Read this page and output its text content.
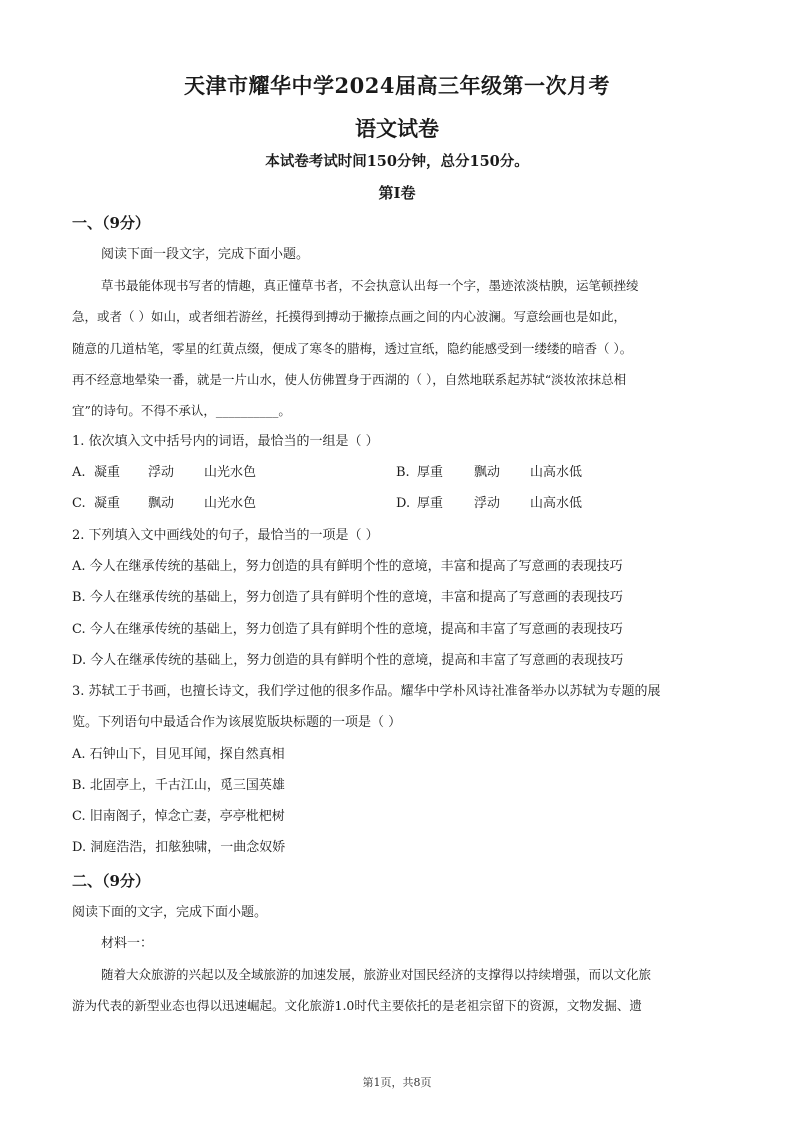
天津市耀华中学2024届高三年级第一次月考
语文试卷
本试卷考试时间150分钟，总分150分。
第Ⅰ卷
一、（9分）
阅读下面一段文字，完成下面小题。
草书最能体现书写者的情趣，真正懂草书者，不会执意认出每一个字，墨迹浓淡枯腴，运笔顿挫绫
急，或者（ ）如山，或者细若游丝，托摸得到搏动于撇捺点画之间的内心波澜。写意绘画也是如此，
随意的几道枯笔，零星的红黄点缀，便成了寒冬的腊梅，透过宣纸，隐约能感受到一缕缕的暗香（ ）。
再不经意地晕染一番，就是一片山水，使人仿佛置身于西湖的（ ），自然地联系起苏轼“淡妆浓抹总相
宜”的诗句。不得不承认，__________。
1. 依次填入文中括号内的词语，最恰当的一组是（ ）
A. 凝重 浮动 山光水色	B. 厚重 飘动 山高水低
C. 凝重 飘动 山光水色	D. 厚重 浮动 山高水低
2. 下列填入文中画线处的句子，最恰当的一项是（ ）
A. 今人在继承传统的基础上，努力创造的具有鲜明个性的意境，丰富和提高了写意画的表现技巧
B. 今人在继承传统的基础上，努力创造了具有鲜明个性的意境，丰富和提高了写意画的表现技巧
C. 今人在继承传统的基础上，努力创造了具有鲜明个性的意境，提高和丰富了写意画的表现技巧
D. 今人在继承传统的基础上，努力创造的具有鲜明个性的意境，提高和丰富了写意画的表现技巧
3. 苏轼工于书画，也擅长诗文，我们学过他的很多作品。耀华中学朴风诗社准备举办以苏轼为专题的展
览。下列语句中最适合作为该展览版块标题的一项是（ ）
A. 石钟山下，目见耳闻，探自然真相
B. 北固亭上，千古江山，觅三国英雄
C. 旧南阁子，悼念亡妻，亭亭枇杷树
D. 洞庭浩浩，扣舷独啸，一曲念奴娇
二、（9分）
阅读下面的文字，完成下面小题。
材料一：
随着大众旅游的兴起以及全域旅游的加速发展，旅游业对国民经济的支撑得以持续增强，而以文化旅
游为代表的新型业态也得以迅速崛起。文化旅游1.0时代主要依托的是老祖宗留下的资源，文物发掘、遗
第1页，共8页
